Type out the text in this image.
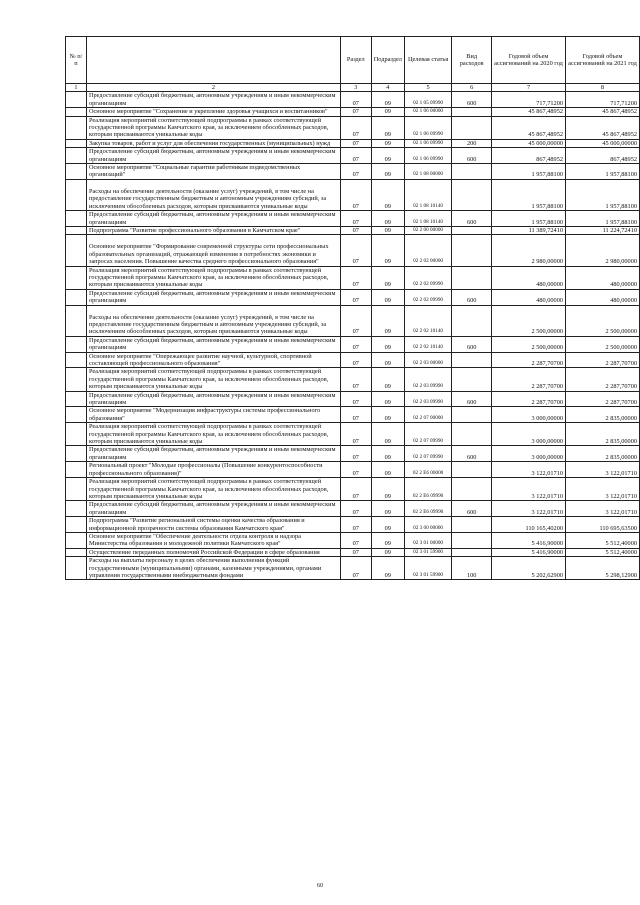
№ п/п		Раздел	Подраздел	Целевая статья	Вид расходов	Годовой объем ассигнований на 2020 год	Годовой объем ассигнований на 2021 год
1	2	3	4	5	6	7	8
	Предоставление субсидий бюджетным, автономным учреждениям и иным некоммерческим организациям	07	09	02 1 05 09990	600	717,71200	717,71200
	Основное мероприятие "Сохранение и укрепление здоровья учащихся и воспитанников"	07	09	02 1 06 00000		45 867,48952	45 867,48952
	Реализация мероприятий соответствующей подпрограммы в рамках соответствующей государственной программы Камчатского края, за исключением обособленных расходов, которым присваиваются уникальные коды	07	09	02 1 06 09990		45 867,48952	45 867,48952
	Закупка товаров, работ и услуг для обеспечения государственных (муниципальных) нужд	07	09	02 1 06 09990	200	45 000,00000	45 000,00000
	Предоставление субсидий бюджетным, автономным учреждениям и иным некоммерческим организациям	07	09	02 1 06 09990	600	867,48952	867,48952
	Основное мероприятие "Социальные гарантии работникам подведомственных организаций"	07	09	02 1 08 00000		1 957,88100	1 957,88100
	Расходы на обеспечение деятельности (оказание услуг) учреждений, в том числе на предоставление государственным бюджетным и автономным учреждениям субсидий, за исключением обособленных расходов, которым присваиваются уникальные коды	07	09	02 1 08 10140		1 957,88100	1 957,88100
	Предоставление субсидий бюджетным, автономным учреждениям и иным некоммерческим организациям	07	09	02 1 08 10140	600	1 957,88100	1 957,88100
	Подпрограмма "Развитие профессионального образования в Камчатском крае"	07	09	02 2 00 00000		11 389,72410	11 224,72410
	Основное мероприятие "Формирование современной структуры сети профессиональных образовательных организаций, отражающей изменения в потребностях экономики и запросах населения. Повышение качества среднего профессионального образования"	07	09	02 2 02 00000		2 980,00000	2 980,00000
	Реализация мероприятий соответствующей подпрограммы в рамках соответствующей государственной программы Камчатского края, за исключением обособленных расходов, которым присваиваются уникальные коды	07	09	02 2 02 09990		480,00000	480,00000
	Предоставление субсидий бюджетным, автономным учреждениям и иным некоммерческим организациям	07	09	02 2 02 09990	600	480,00000	480,00000
	Расходы на обеспечение деятельности (оказание услуг) учреждений, в том числе на предоставление государственным бюджетным и автономным учреждениям субсидий, за исключением обособленных расходов, которым присваиваются уникальные коды	07	09	02 2 02 10140		2 500,00000	2 500,00000
	Предоставление субсидий бюджетным, автономным учреждениям и иным некоммерческим организациям	07	09	02 2 02 10140	600	2 500,00000	2 500,00000
	Основное мероприятие "Опережающее развитие научной, культурной, спортивной составляющей профессионального образования"	07	09	02 2 03 00000		2 287,70700	2 287,70700
	Реализация мероприятий соответствующей подпрограммы в рамках соответствующей государственной программы Камчатского края, за исключением обособленных расходов, которым присваиваются уникальные коды	07	09	02 2 03 09990		2 287,70700	2 287,70700
	Предоставление субсидий бюджетным, автономным учреждениям и иным некоммерческим организациям	07	09	02 2 03 09990	600	2 287,70700	2 287,70700
	Основное мероприятие "Модернизация инфраструктуры системы профессионального образования"	07	09	02 2 07 00000		3 000,00000	2 835,00000
	Реализация мероприятий соответствующей подпрограммы в рамках соответствующей государственной программы Камчатского края, за исключением обособленных расходов, которым присваиваются уникальные коды	07	09	02 2 07 09990		3 000,00000	2 835,00000
	Предоставление субсидий бюджетным, автономным учреждениям и иным некоммерческим организациям	07	09	02 2 07 09990	600	3 000,00000	2 835,00000
	Региональный проект "Молодые профессионалы (Повышение конкурентоспособности профессионального образования)"	07	09	02 2 E6 00000		3 122,01710	3 122,01710
	Реализация мероприятий соответствующей подпрограммы в рамках соответствующей государственной программы Камчатского края, за исключением обособленных расходов, которым присваиваются уникальные коды	07	09	02 2 E6 09990		3 122,01710	3 122,01710
	Предоставление субсидий бюджетным, автономным учреждениям и иным некоммерческим организациям	07	09	02 2 E6 09990	600	3 122,01710	3 122,01710
	Подпрограмма "Развитие региональной системы оценки качества образования и информационной прозрачности системы образования Камчатского края"	07	09	02 3 00 00000		110 165,40200	110 695,63500
	Основное мероприятие "Обеспечение деятельности отдела контроля и надзора Министерства образования и молодежной политики Камчатского края"	07	09	02 3 01 00000		5 416,90000	5 512,40000
	Осуществление переданных полномочий Российской Федерации в сфере образования	07	09	02 3 01 59900		5 416,90000	5 512,40000
	Расходы на выплаты персоналу в целях обеспечения выполнения функций государственными (муниципальными) органами, казенными учреждениями, органами управления государственными внебюджетными фондами	07	09	02 3 01 59900	100	5 202,62900	5 298,12900
60
